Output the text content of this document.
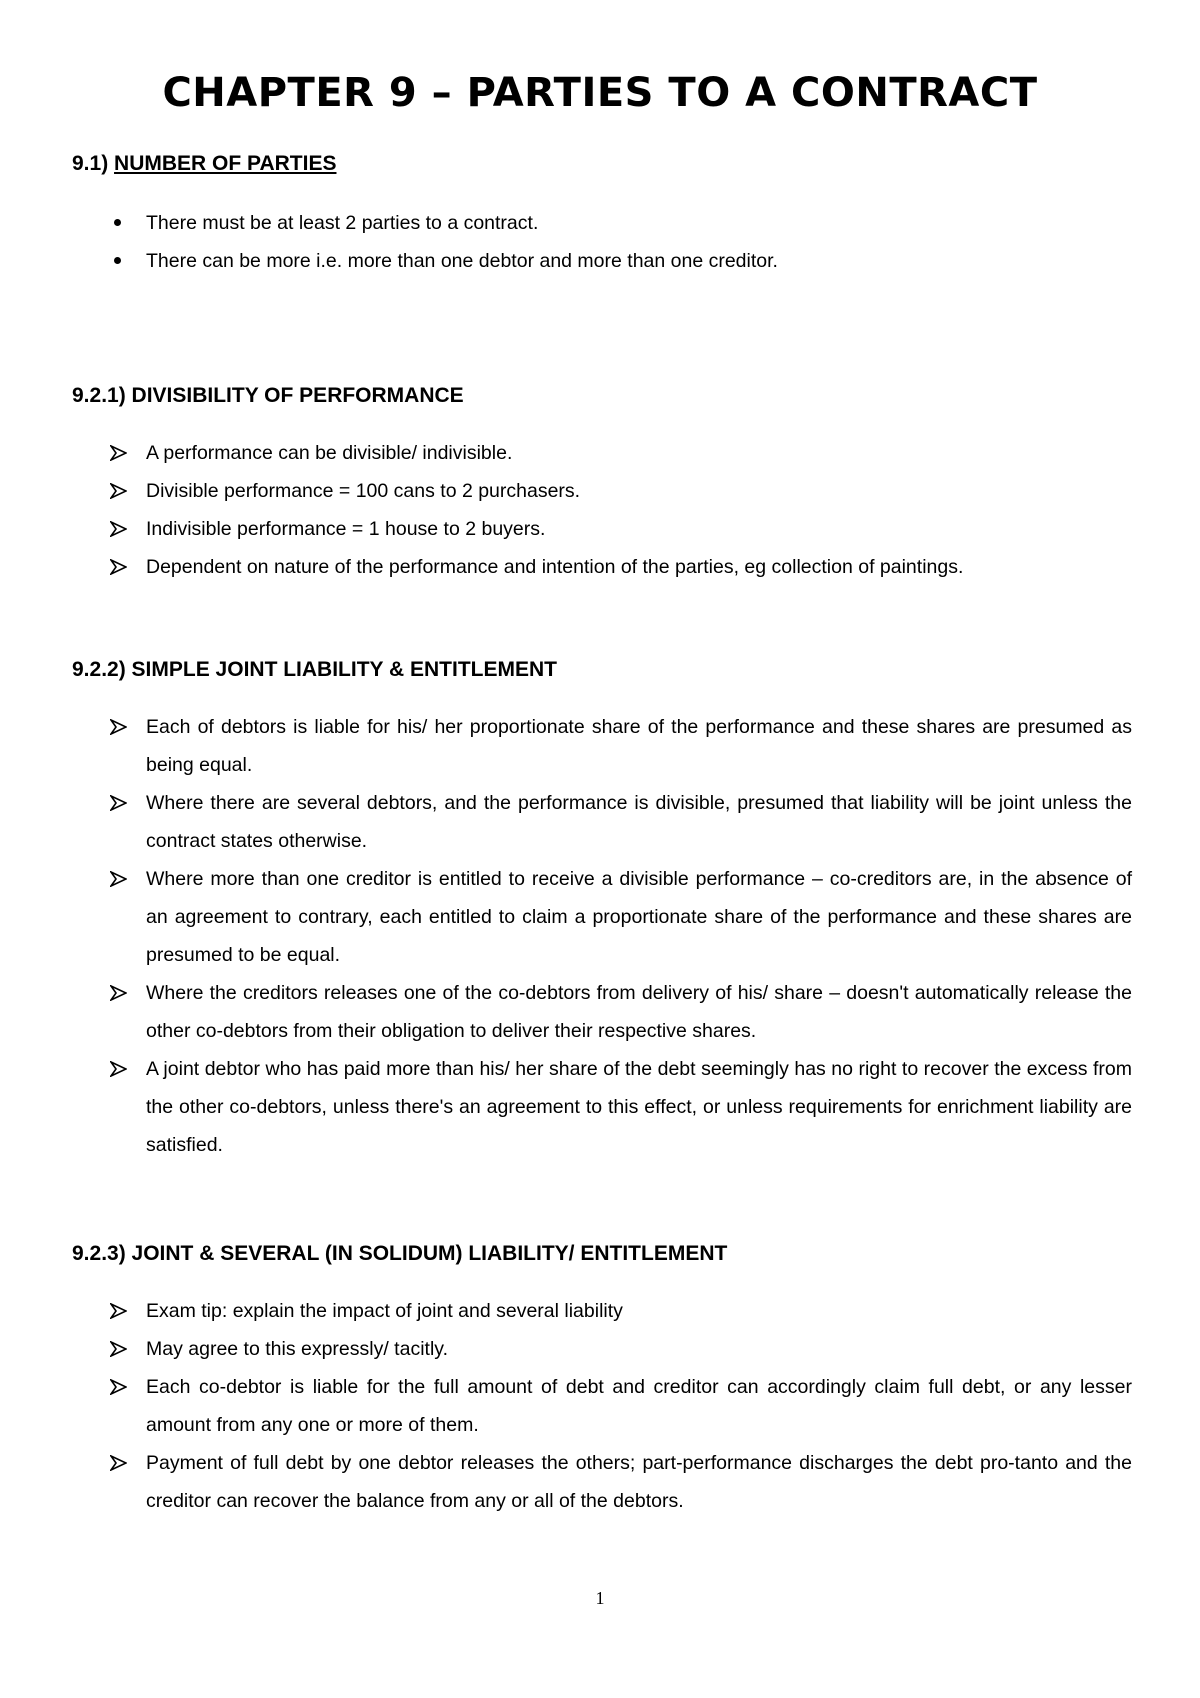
CHAPTER 9 – PARTIES TO A CONTRACT

9.1) NUMBER OF PARTIES

There must be at least 2 parties to a contract.
There can be more i.e. more than one debtor and more than one creditor.

9.2.1) DIVISIBILITY OF PERFORMANCE

A performance can be divisible/ indivisible.
Divisible performance = 100 cans to 2 purchasers.
Indivisible performance = 1 house to 2 buyers.
Dependent on nature of the performance and intention of the parties, eg collection of paintings.

9.2.2) SIMPLE JOINT LIABILITY & ENTITLEMENT

Each of debtors is liable for his/ her proportionate share of the performance and these shares are presumed as being equal.
Where there are several debtors, and the performance is divisible, presumed that liability will be joint unless the contract states otherwise.
Where more than one creditor is entitled to receive a divisible performance – co-creditors are, in the absence of an agreement to contrary, each entitled to claim a proportionate share of the performance and these shares are presumed to be equal.
Where the creditors releases one of the co-debtors from delivery of his/ share – doesn't automatically release the other co-debtors from their obligation to deliver their respective shares.
A joint debtor who has paid more than his/ her share of the debt seemingly has no right to recover the excess from the other co-debtors, unless there's an agreement to this effect, or unless requirements for enrichment liability are satisfied.

9.2.3) JOINT & SEVERAL (IN SOLIDUM) LIABILITY/ ENTITLEMENT

Exam tip: explain the impact of joint and several liability
May agree to this expressly/ tacitly.
Each co-debtor is liable for the full amount of debt and creditor can accordingly claim full debt, or any lesser amount from any one or more of them.
Payment of full debt by one debtor releases the others; part-performance discharges the debt pro-tanto and the creditor can recover the balance from any or all of the debtors.
1
